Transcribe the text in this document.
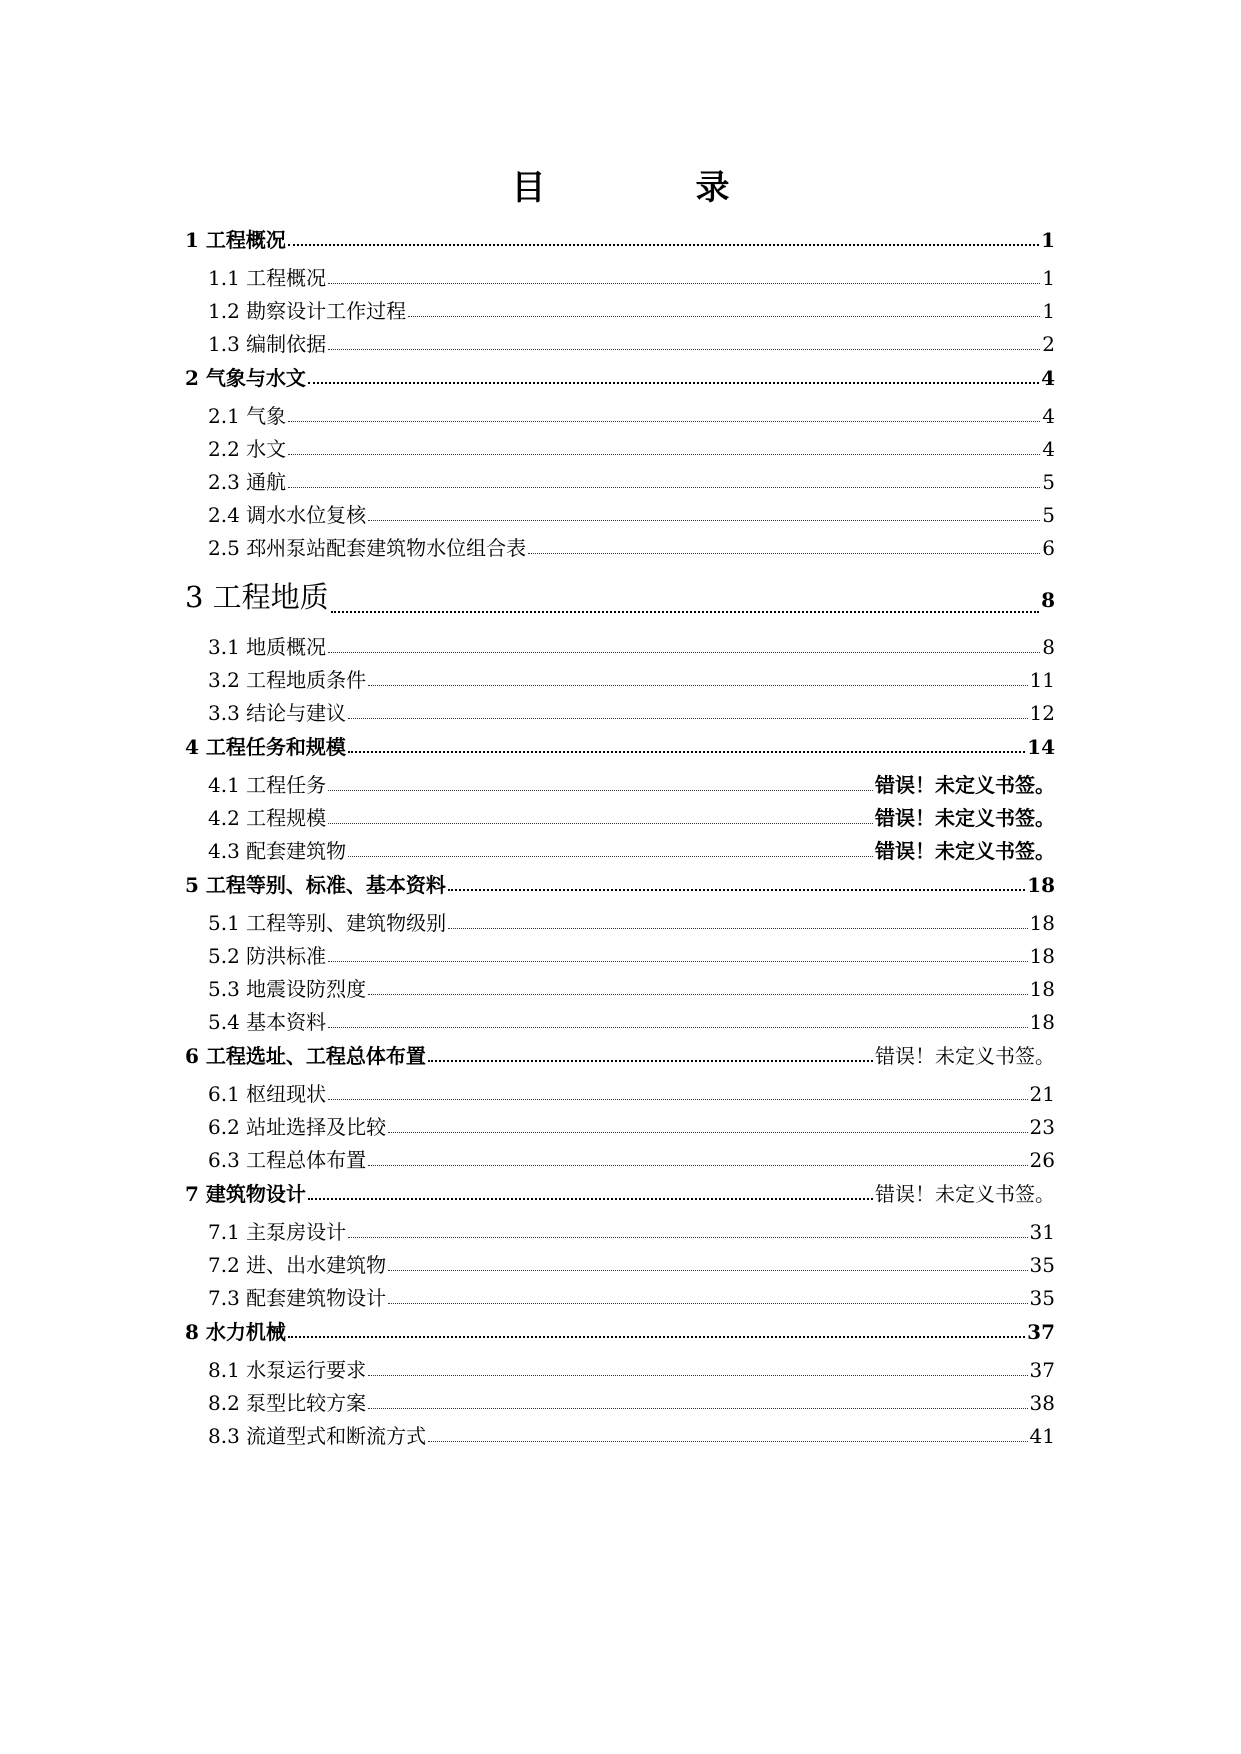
目　录
1 工程概况	1
1.1 工程概况	1
1.2 勘察设计工作过程	1
1.3 编制依据	2
2 气象与水文	4
2.1 气象	4
2.2 水文	4
2.3 通航	5
2.4 调水水位复核	5
2.5 邳州泵站配套建筑物水位组合表	6
3 工程地质	8
3.1 地质概况	8
3.2 工程地质条件	11
3.3 结论与建议	12
4 工程任务和规模	14
4.1 工程任务	错误！未定义书签。
4.2 工程规模	错误！未定义书签。
4.3 配套建筑物	错误！未定义书签。
5 工程等别、标准、基本资料	18
5.1 工程等别、建筑物级别	18
5.2 防洪标准	18
5.3 地震设防烈度	18
5.4 基本资料	18
6 工程选址、工程总体布置	错误！未定义书签。
6.1 枢纽现状	21
6.2 站址选择及比较	23
6.3 工程总体布置	26
7 建筑物设计	错误！未定义书签。
7.1 主泵房设计	31
7.2 进、出水建筑物	35
7.3 配套建筑物设计	35
8 水力机械	37
8.1 水泵运行要求	37
8.2 泵型比较方案	38
8.3 流道型式和断流方式	41
